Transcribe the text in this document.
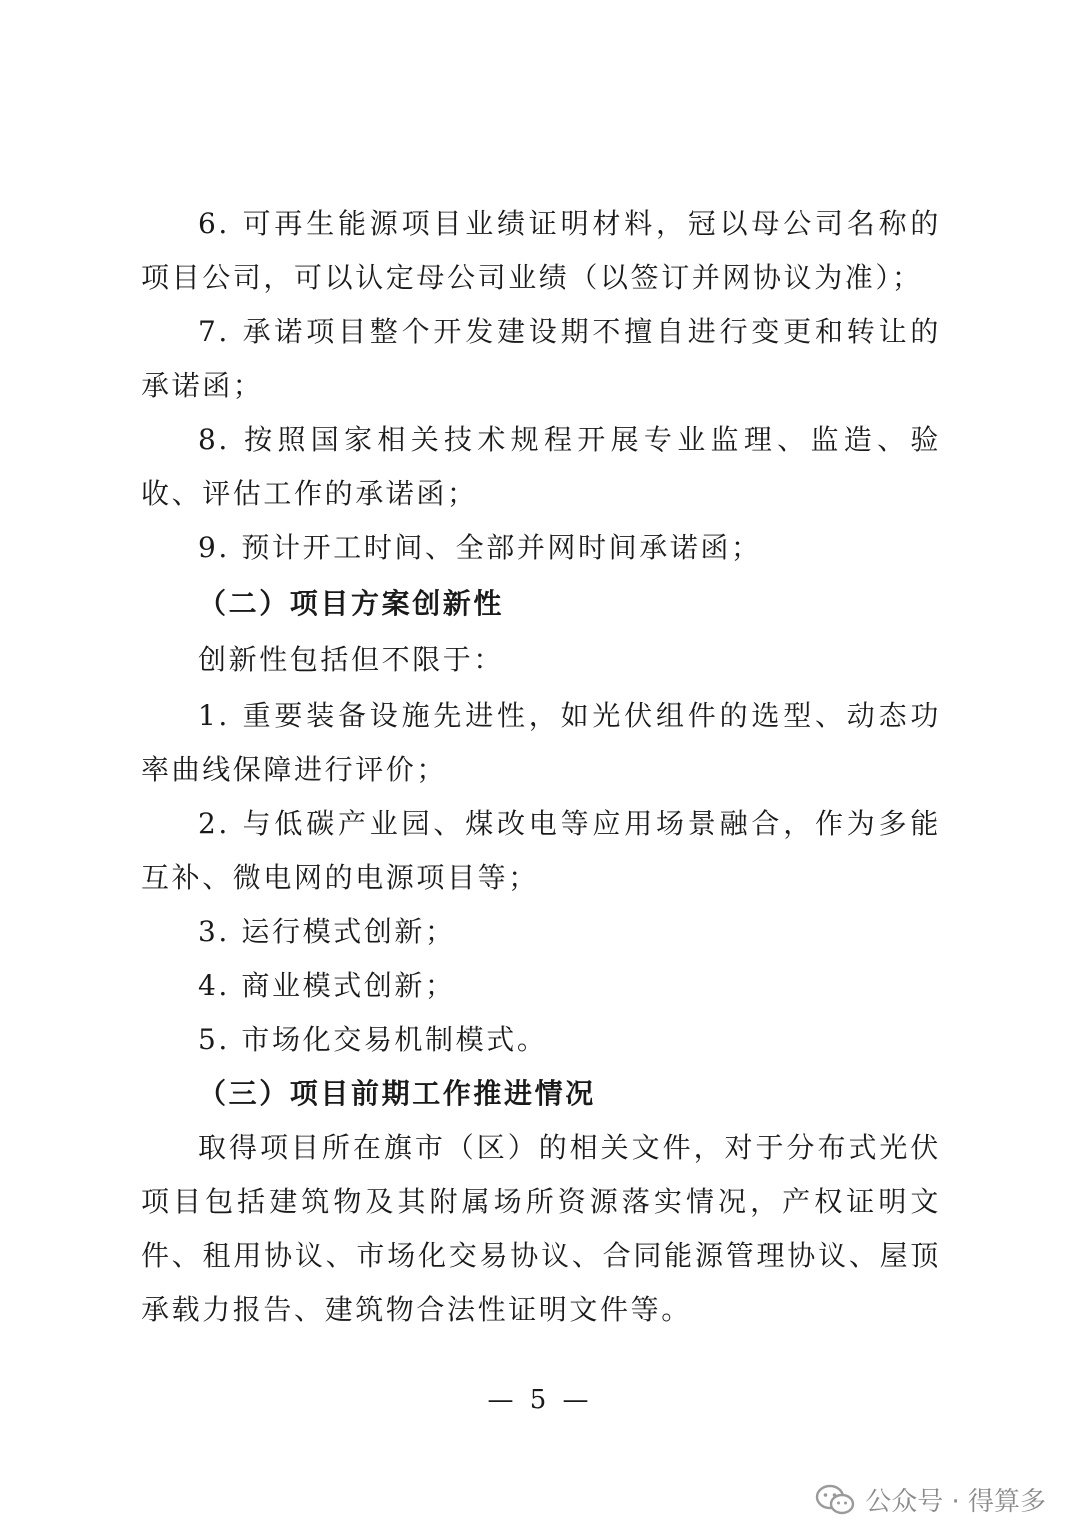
6. 可再生能源项目业绩证明材料，冠以母公司名称的项目公司，可以认定母公司业绩（以签订并网协议为准）；

7. 承诺项目整个开发建设期不擅自进行变更和转让的承诺函；

8. 按照国家相关技术规程开展专业监理、监造、验收、评估工作的承诺函；

9. 预计开工时间、全部并网时间承诺函；

（二）项目方案创新性

创新性包括但不限于：

1. 重要装备设施先进性，如光伏组件的选型、动态功率曲线保障进行评价；

2. 与低碳产业园、煤改电等应用场景融合，作为多能互补、微电网的电源项目等；

3. 运行模式创新；

4. 商业模式创新；

5. 市场化交易机制模式。

（三）项目前期工作推进情况

取得项目所在旗市（区）的相关文件，对于分布式光伏项目包括建筑物及其附属场所资源落实情况，产权证明文件、租用协议、市场化交易协议、合同能源管理协议、屋顶承载力报告、建筑物合法性证明文件等。

— 5 —
公众号 · 得算多
